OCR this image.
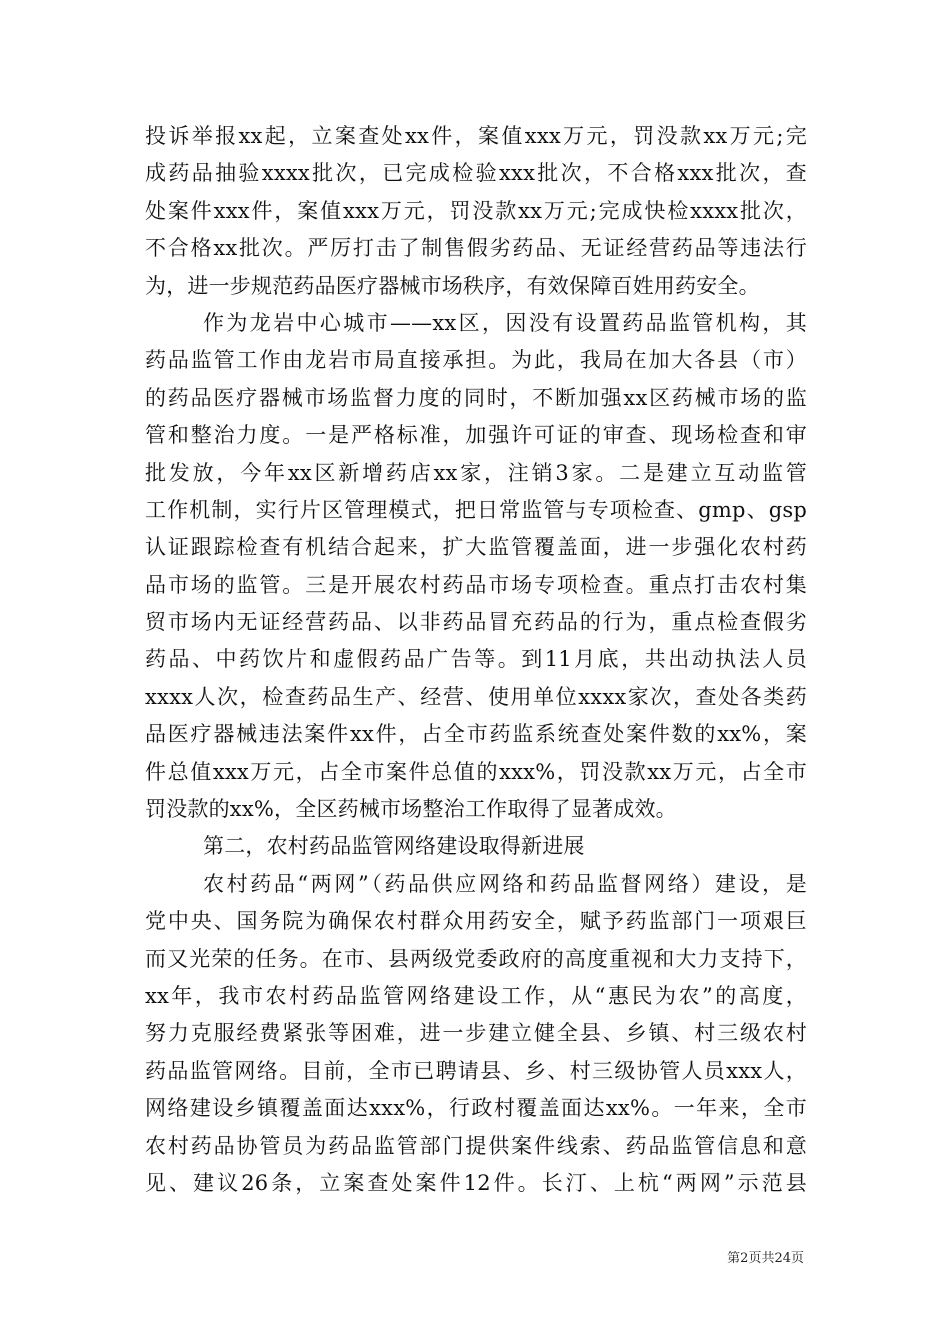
投诉举报xx起，立案查处xx件，案值xxx万元，罚没款xx万元;完
成药品抽验xxxx批次，已完成检验xxx批次，不合格xxx批次，查
处案件xxx件，案值xxx万元，罚没款xx万元;完成快检xxxx批次，
不合格xx批次。严厉打击了制售假劣药品、无证经营药品等违法行
为，进一步规范药品医疗器械市场秩序，有效保障百姓用药安全。
作为龙岩中心城市——xx区，因没有设置药品监管机构，其
药品监管工作由龙岩市局直接承担。为此，我局在加大各县（市）
的药品医疗器械市场监督力度的同时，不断加强xx区药械市场的监
管和整治力度。一是严格标准，加强许可证的审查、现场检查和审
批发放，今年xx区新增药店xx家，注销3家。二是建立互动监管
工作机制，实行片区管理模式，把日常监管与专项检查、gmp、gsp
认证跟踪检查有机结合起来，扩大监管覆盖面，进一步强化农村药
品市场的监管。三是开展农村药品市场专项检查。重点打击农村集
贸市场内无证经营药品、以非药品冒充药品的行为，重点检查假劣
药品、中药饮片和虚假药品广告等。到11月底，共出动执法人员
xxxx人次，检查药品生产、经营、使用单位xxxx家次，查处各类药
品医疗器械违法案件xx件，占全市药监系统查处案件数的xx%，案
件总值xxx万元，占全市案件总值的xxx%，罚没款xx万元，占全市
罚没款的xx%，全区药械市场整治工作取得了显著成效。
第二，农村药品监管网络建设取得新进展
农村药品“两网”（药品供应网络和药品监督网络）建设，是
党中央、国务院为确保农村群众用药安全，赋予药监部门一项艰巨
而又光荣的任务。在市、县两级党委政府的高度重视和大力支持下，
xx年，我市农村药品监管网络建设工作，从“惠民为农”的高度，
努力克服经费紧张等困难，进一步建立健全县、乡镇、村三级农村
药品监管网络。目前，全市已聘请县、乡、村三级协管人员xxx人，
网络建设乡镇覆盖面达xxx%，行政村覆盖面达xx%。一年来，全市
农村药品协管员为药品监管部门提供案件线索、药品监管信息和意
见、建议26条，立案查处案件12件。长汀、上杭“两网”示范县
第2页共24页
